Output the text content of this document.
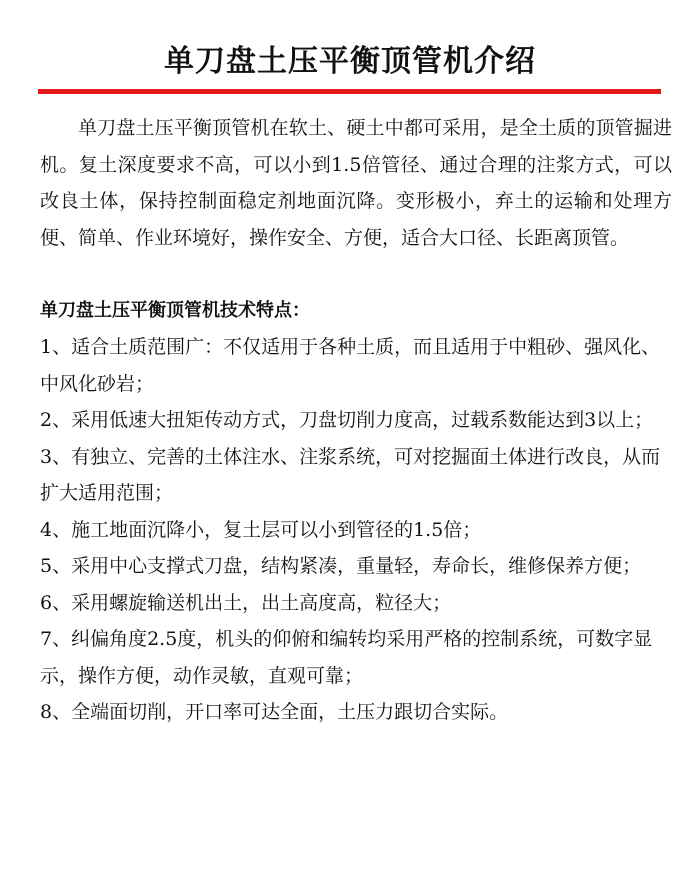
单刀盘土压平衡顶管机介绍

单刀盘土压平衡顶管机在软土、硬土中都可采用，是全土质的顶管掘进机。复土深度要求不高，可以小到1.5倍管径、通过合理的注浆方式，可以改良土体，保持控制面稳定剂地面沉降。变形极小，弃土的运输和处理方便、简单、作业环境好，操作安全、方便，适合大口径、长距离顶管。

单刀盘土压平衡顶管机技术特点：

1、适合土质范围广：不仅适用于各种土质，而且适用于中粗砂、强风化、中风化砂岩；

2、采用低速大扭矩传动方式，刀盘切削力度高，过载系数能达到3以上；

3、有独立、完善的土体注水、注浆系统，可对挖掘面土体进行改良，从而扩大适用范围；

4、施工地面沉降小，复土层可以小到管径的1.5倍；

5、采用中心支撑式刀盘，结构紧凑，重量轻，寿命长，维修保养方便；

6、采用螺旋输送机出土，出土高度高，粒径大；

7、纠偏角度2.5度，机头的仰俯和编转均采用严格的控制系统，可数字显示，操作方便，动作灵敏，直观可靠；

8、全端面切削，开口率可达全面，土压力跟切合实际。
